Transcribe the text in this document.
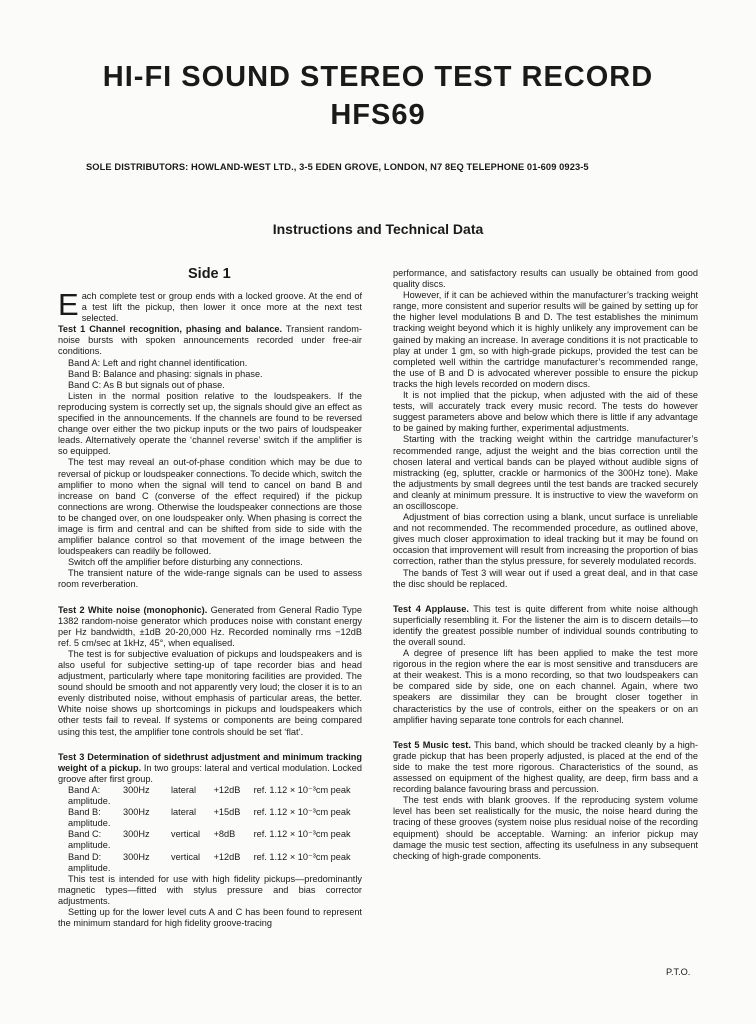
HI-FI SOUND STEREO TEST RECORD
HFS69
SOLE DISTRIBUTORS: HOWLAND-WEST LTD., 3-5 EDEN GROVE, LONDON, N7 8EQ TELEPHONE 01-609 0923-5
Instructions and Technical Data
Side 1

Each complete test or group ends with a locked groove. At the end of a test lift the pickup, then lower it once more at the next test selected.

Test 1 Channel recognition, phasing and balance. Transient random-noise bursts with spoken announcements recorded under free-air conditions.

Band A: Left and right channel identification.
Band B: Balance and phasing: signals in phase.
Band C: As B but signals out of phase.

Listen in the normal position relative to the loudspeakers. If the reproducing system is correctly set up, the signals should give an effect as specified in the announcements. If the channels are found to be reversed change over either the two pickup inputs or the two pairs of loudspeaker leads. Alternatively operate the ‘channel reverse’ switch if the amplifier is so equipped.

The test may reveal an out-of-phase condition which may be due to reversal of pickup or loudspeaker connections. To decide which, switch the amplifier to mono when the signal will tend to cancel on band B and increase on band C (converse of the effect required) if the pickup connections are wrong. Otherwise the loudspeaker connections are those to be changed over, on one loudspeaker only. When phasing is correct the image is firm and central and can be shifted from side to side with the amplifier balance control so that movement of the image between the loudspeakers can readily be followed.

Switch off the amplifier before disturbing any connections.

The transient nature of the wide-range signals can be used to assess room reverberation.

Test 2 White noise (monophonic). Generated from General Radio Type 1382 random-noise generator which produces noise with constant energy per Hz bandwidth, ±1dB 20-20,000 Hz. Recorded nominally rms −12dB ref. 5 cm/sec at 1kHz, 45°, when equalised.

The test is for subjective evaluation of pickups and loudspeakers and is also useful for subjective setting-up of tape recorder bias and head adjustment, particularly where tape monitoring facilities are provided. The sound should be smooth and not apparently very loud; the closer it is to an evenly distributed noise, without emphasis of particular areas, the better. White noise shows up shortcomings in pickups and loudspeakers which other tests fail to reveal. If systems or components are being compared using this test, the amplifier tone controls should be set ‘flat’.

Test 3 Determination of sidethrust adjustment and minimum tracking weight of a pickup. In two groups: lateral and vertical modulation. Locked groove after first group.

Band A: 300Hz lateral +12dB ref. 1.12 × 10⁻³cm peak
amplitude.
Band B: 300Hz lateral +15dB ref. 1.12 × 10⁻³cm peak
amplitude.
Band C: 300Hz vertical +8dB ref. 1.12 × 10⁻³cm peak
amplitude.
Band D: 300Hz vertical +12dB ref. 1.12 × 10⁻³cm peak
amplitude.

This test is intended for use with high fidelity pickups—predominantly magnetic types—fitted with stylus pressure and bias corrector adjustments.

Setting up for the lower level cuts A and C has been found to represent the minimum standard for high fidelity groove-tracing

performance, and satisfactory results can usually be obtained from good quality discs.

However, if it can be achieved within the manufacturer’s tracking weight range, more consistent and superior results will be gained by setting up for the higher level modulations B and D. The test establishes the minimum tracking weight beyond which it is highly unlikely any improvement can be gained by making an increase. In average conditions it is not practicable to play at under 1 gm, so with high-grade pickups, provided the test can be completed well within the cartridge manufacturer’s recommended range, the use of B and D is advocated wherever possible to ensure the pickup tracks the high levels recorded on modern discs.

It is not implied that the pickup, when adjusted with the aid of these tests, will accurately track every music record. The tests do however suggest parameters above and below which there is little if any advantage to be gained by making further, experimental adjustments.

Starting with the tracking weight within the cartridge manufacturer’s recommended range, adjust the weight and the bias correction until the chosen lateral and vertical bands can be played without audible signs of mistracking (eg, splutter, crackle or harmonics of the 300Hz tone). Make the adjustments by small degrees until the test bands are tracked securely and cleanly at minimum pressure. It is instructive to view the waveform on an oscilloscope.

Adjustment of bias correction using a blank, uncut surface is unreliable and not recommended. The recommended procedure, as outlined above, gives much closer approximation to ideal tracking but it may be found on occasion that improvement will result from increasing the proportion of bias correction, rather than the stylus pressure, for severely modulated records.

The bands of Test 3 will wear out if used a great deal, and in that case the disc should be replaced.

Test 4 Applause. This test is quite different from white noise although superficially resembling it. For the listener the aim is to discern details—to identify the greatest possible number of individual sounds contributing to the overall sound.

A degree of presence lift has been applied to make the test more rigorous in the region where the ear is most sensitive and transducers are at their weakest. This is a mono recording, so that two loudspeakers can be compared side by side, one on each channel. Again, where two speakers are dissimilar they can be brought closer together in characteristics by the use of controls, either on the speakers or on an amplifier having separate tone controls for each channel.

Test 5 Music test. This band, which should be tracked cleanly by a high-grade pickup that has been properly adjusted, is placed at the end of the side to make the test more rigorous. Characteristics of the sound, as assessed on equipment of the highest quality, are deep, firm bass and a recording balance favouring brass and percussion.

The test ends with blank grooves. If the reproducing system volume level has been set realistically for the music, the noise heard during the tracing of these grooves (system noise plus residual noise of the recording equipment) should be acceptable. Warning: an inferior pickup may damage the music test section, affecting its usefulness in any subsequent checking of high-grade components.

P.T.O.
